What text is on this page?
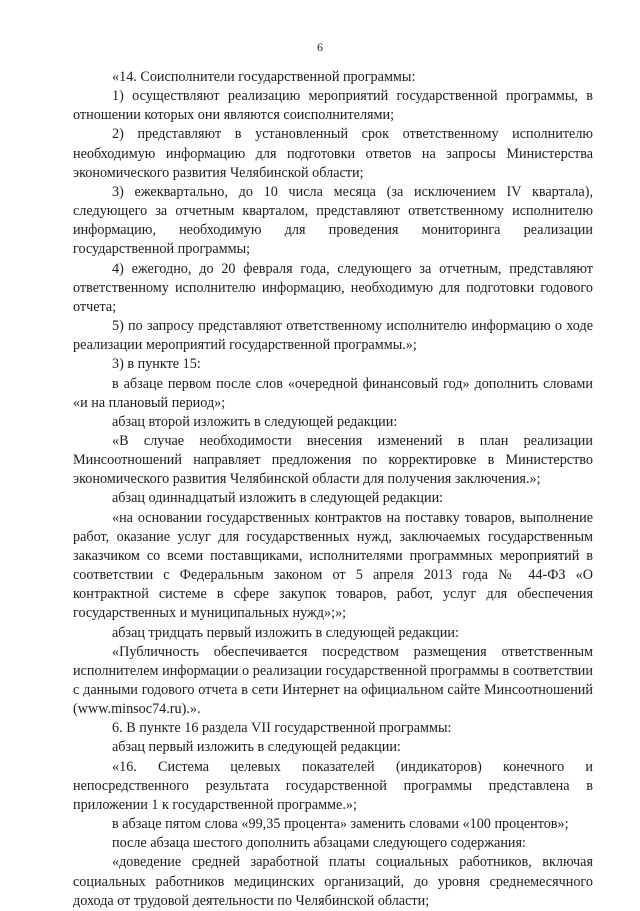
6

«14. Соисполнители государственной программы:

1) осуществляют реализацию мероприятий государственной программы, в отношении которых они являются соисполнителями;

2) представляют в установленный срок ответственному исполнителю необходимую информацию для подготовки ответов на запросы Министерства экономического развития Челябинской области;

3) ежеквартально, до 10 числа месяца (за исключением IV квартала), следующего за отчетным кварталом, представляют ответственному исполнителю информацию, необходимую для проведения мониторинга реализации государственной программы;

4) ежегодно, до 20 февраля года, следующего за отчетным, представляют ответственному исполнителю информацию, необходимую для подготовки годового отчета;

5) по запросу представляют ответственному исполнителю информацию о ходе реализации мероприятий государственной программы.»;

3) в пункте 15:

в абзаце первом после слов «очередной финансовый год» дополнить словами «и на плановый период»;

абзац второй изложить в следующей редакции:

«В случае необходимости внесения изменений в план реализации Минсоотношений направляет предложения по корректировке в Министерство экономического развития Челябинской области для получения заключения.»;

абзац одиннадцатый изложить в следующей редакции:

«на основании государственных контрактов на поставку товаров, выполнение работ, оказание услуг для государственных нужд, заключаемых государственным заказчиком со всеми поставщиками, исполнителями программных мероприятий в соответствии с Федеральным законом от 5 апреля 2013 года № 44-ФЗ «О контрактной системе в сфере закупок товаров, работ, услуг для обеспечения государственных и муниципальных нужд»;»;

абзац тридцать первый изложить в следующей редакции:

«Публичность обеспечивается посредством размещения ответственным исполнителем информации о реализации государственной программы в соответствии с данными годового отчета в сети Интернет на официальном сайте Минсоотношений (www.minsoc74.ru).».

6. В пункте 16 раздела VII государственной программы:

абзац первый изложить в следующей редакции:

«16. Система целевых показателей (индикаторов) конечного и непосредственного результата государственной программы представлена в приложении 1 к государственной программе.»;

в абзаце пятом слова «99,35 процента» заменить словами «100 процентов»;

после абзаца шестого дополнить абзацами следующего содержания:

«доведение средней заработной платы социальных работников, включая социальных работников медицинских организаций, до уровня среднемесячного дохода от трудовой деятельности по Челябинской области;
